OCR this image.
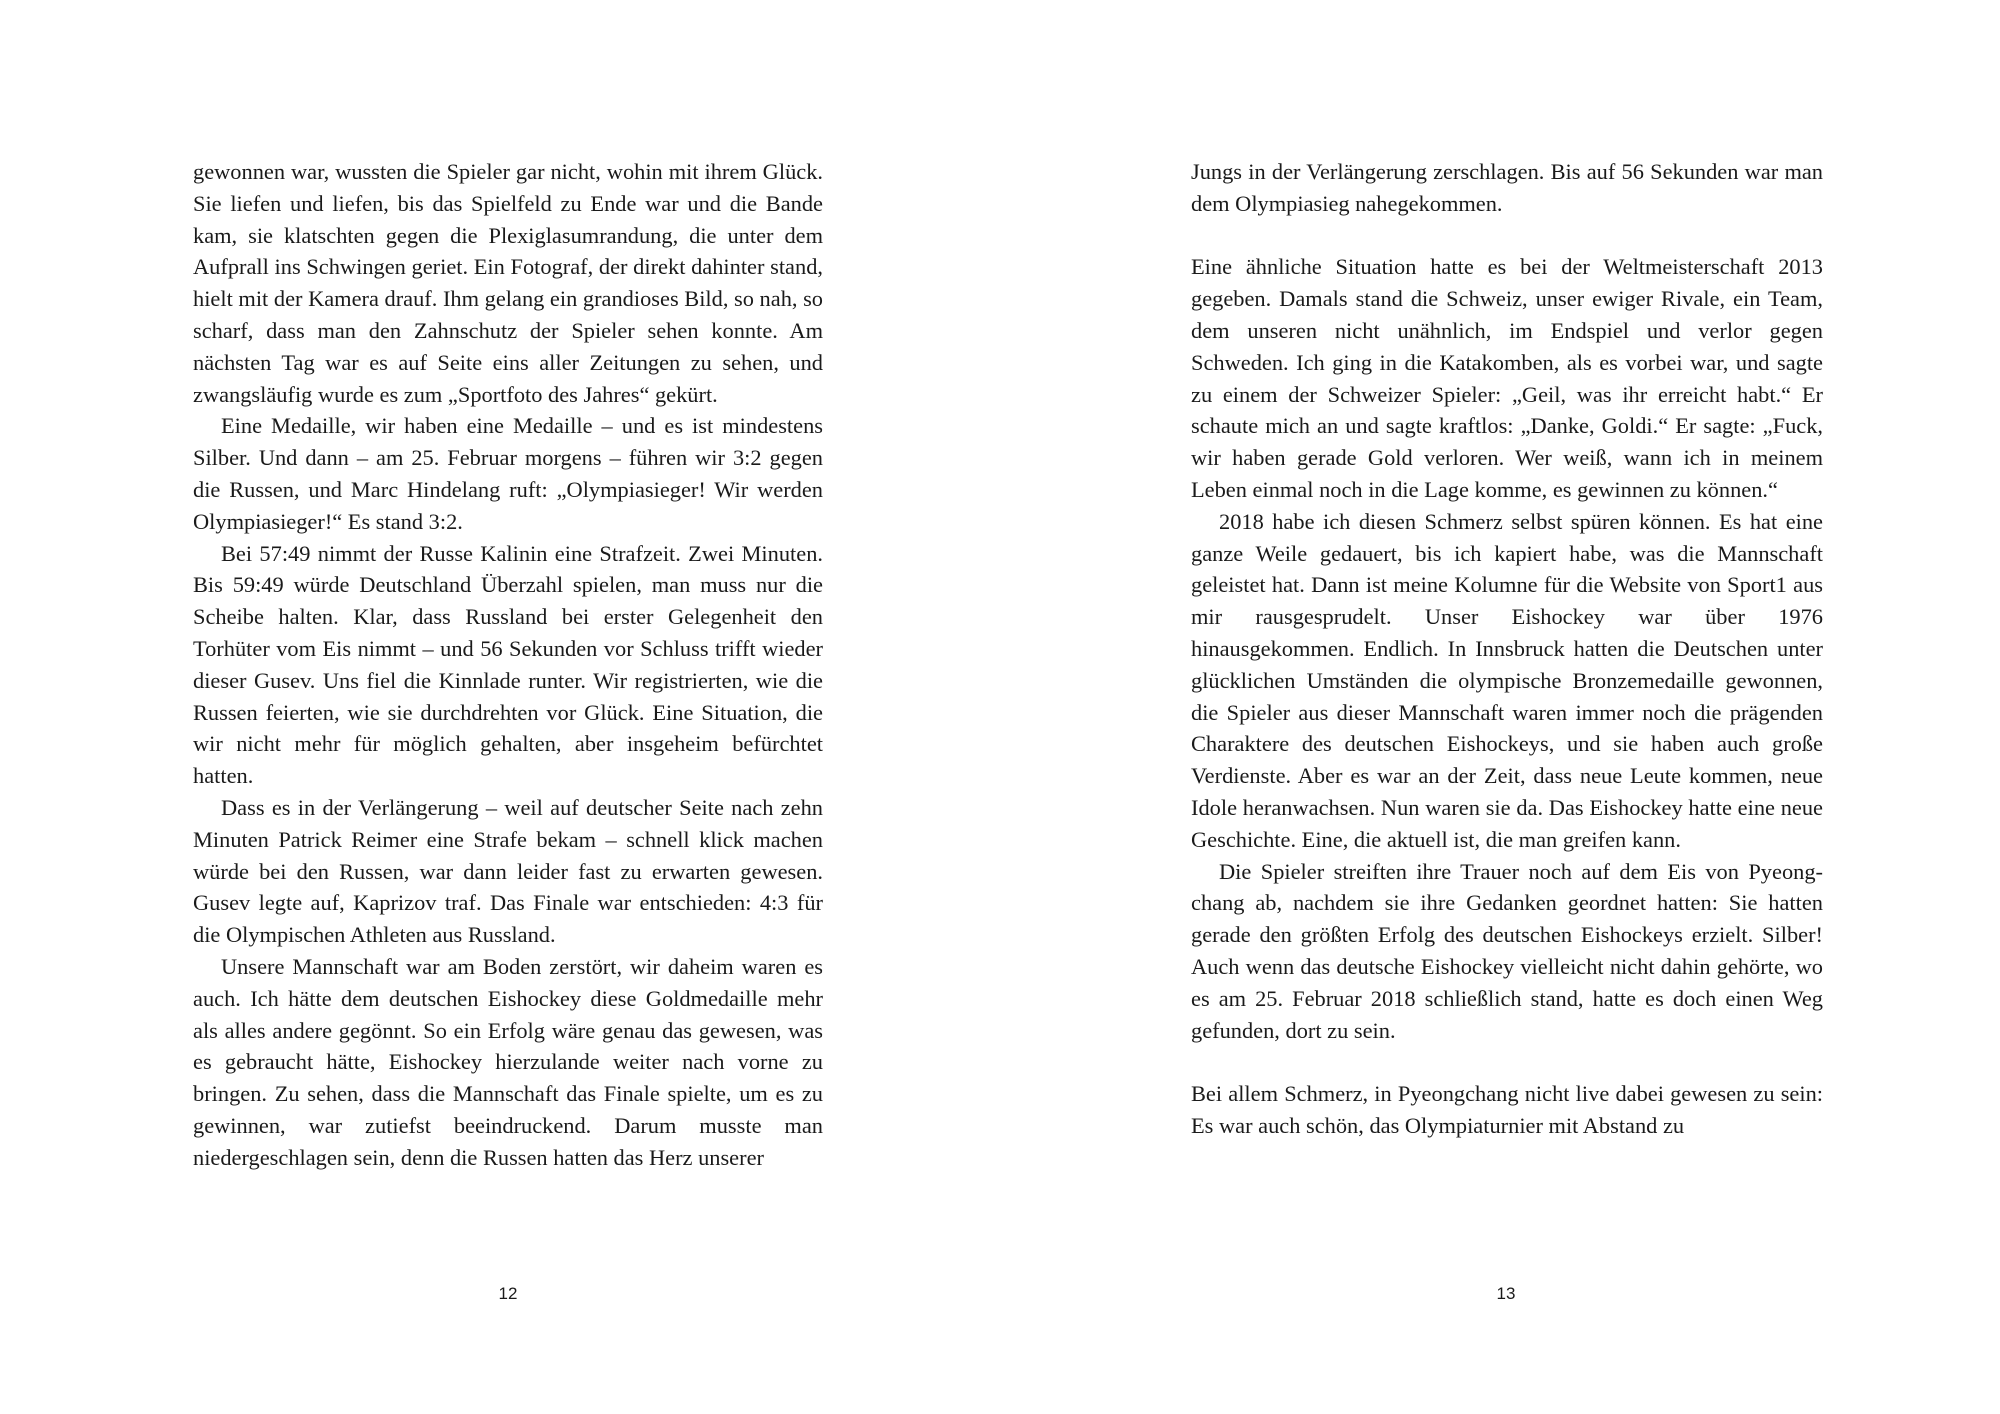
gewonnen war, wussten die Spieler gar nicht, wohin mit ihrem Glück. Sie liefen und liefen, bis das Spielfeld zu Ende war und die Bande kam, sie klatschten gegen die Plexiglasumrandung, die unter dem Aufprall ins Schwingen geriet. Ein Fotograf, der direkt dahinter stand, hielt mit der Kamera drauf. Ihm gelang ein grandioses Bild, so nah, so scharf, dass man den Zahnschutz der Spieler sehen konnte. Am nächsten Tag war es auf Seite eins aller Zeitungen zu sehen, und zwangsläufig wurde es zum „Sportfoto des Jahres“ gekürt.

Eine Medaille, wir haben eine Medaille – und es ist mindestens Silber. Und dann – am 25. Februar morgens – führen wir 3:2 gegen die Russen, und Marc Hindelang ruft: „Olympiasieger! Wir werden Olympiasieger!“ Es stand 3:2.

Bei 57:49 nimmt der Russe Kalinin eine Strafzeit. Zwei Minuten. Bis 59:49 würde Deutschland Überzahl spielen, man muss nur die Scheibe halten. Klar, dass Russland bei erster Gelegenheit den Torhüter vom Eis nimmt – und 56 Sekunden vor Schluss trifft wieder dieser Gusev. Uns fiel die Kinnlade runter. Wir registrierten, wie die Russen feierten, wie sie durchdrehten vor Glück. Eine Situation, die wir nicht mehr für möglich gehalten, aber insgeheim befürchtet hatten.

Dass es in der Verlängerung – weil auf deutscher Seite nach zehn Minuten Patrick Reimer eine Strafe bekam – schnell klick machen würde bei den Russen, war dann leider fast zu erwarten gewesen. Gusev legte auf, Kaprizov traf. Das Finale war entschieden: 4:3 für die Olympischen Athleten aus Russland.

Unsere Mannschaft war am Boden zerstört, wir daheim waren es auch. Ich hätte dem deutschen Eishockey diese Goldmedaille mehr als alles andere gegönnt. So ein Erfolg wäre genau das gewesen, was es gebraucht hätte, Eishockey hierzulande weiter nach vorne zu bringen. Zu sehen, dass die Mannschaft das Finale spielte, um es zu gewinnen, war zutiefst beeindruckend. Darum musste man niedergeschlagen sein, denn die Russen hatten das Herz unserer

12

Jungs in der Verlängerung zerschlagen. Bis auf 56 Sekunden war man dem Olympiasieg nahegekommen.

Eine ähnliche Situation hatte es bei der Weltmeisterschaft 2013 gegeben. Damals stand die Schweiz, unser ewiger Rivale, ein Team, dem unseren nicht unähnlich, im Endspiel und verlor gegen Schweden. Ich ging in die Katakomben, als es vorbei war, und sagte zu einem der Schweizer Spieler: „Geil, was ihr erreicht habt.“ Er schaute mich an und sagte kraftlos: „Danke, Goldi.“ Er sagte: „Fuck, wir haben gerade Gold verloren. Wer weiß, wann ich in meinem Leben einmal noch in die Lage komme, es gewinnen zu können.“

2018 habe ich diesen Schmerz selbst spüren können. Es hat eine ganze Weile gedauert, bis ich kapiert habe, was die Mannschaft geleistet hat. Dann ist meine Kolumne für die Website von Sport1 aus mir rausgesprudelt. Unser Eishockey war über 1976 hinausgekommen. Endlich. In Innsbruck hatten die Deutschen unter glücklichen Umständen die olympische Bronzemedaille gewonnen, die Spieler aus dieser Mannschaft waren immer noch die prägenden Charaktere des deutschen Eishockeys, und sie haben auch große Verdienste. Aber es war an der Zeit, dass neue Leute kommen, neue Idole heranwachsen. Nun waren sie da. Das Eishockey hatte eine neue Geschichte. Eine, die aktuell ist, die man greifen kann.

Die Spieler streiften ihre Trauer noch auf dem Eis von Pyeongchang ab, nachdem sie ihre Gedanken geordnet hatten: Sie hatten gerade den größten Erfolg des deutschen Eishockeys erzielt. Silber! Auch wenn das deutsche Eishockey vielleicht nicht dahin gehörte, wo es am 25. Februar 2018 schließlich stand, hatte es doch einen Weg gefunden, dort zu sein.

Bei allem Schmerz, in Pyeongchang nicht live dabei gewesen zu sein: Es war auch schön, das Olympiaturnier mit Abstand zu

13
